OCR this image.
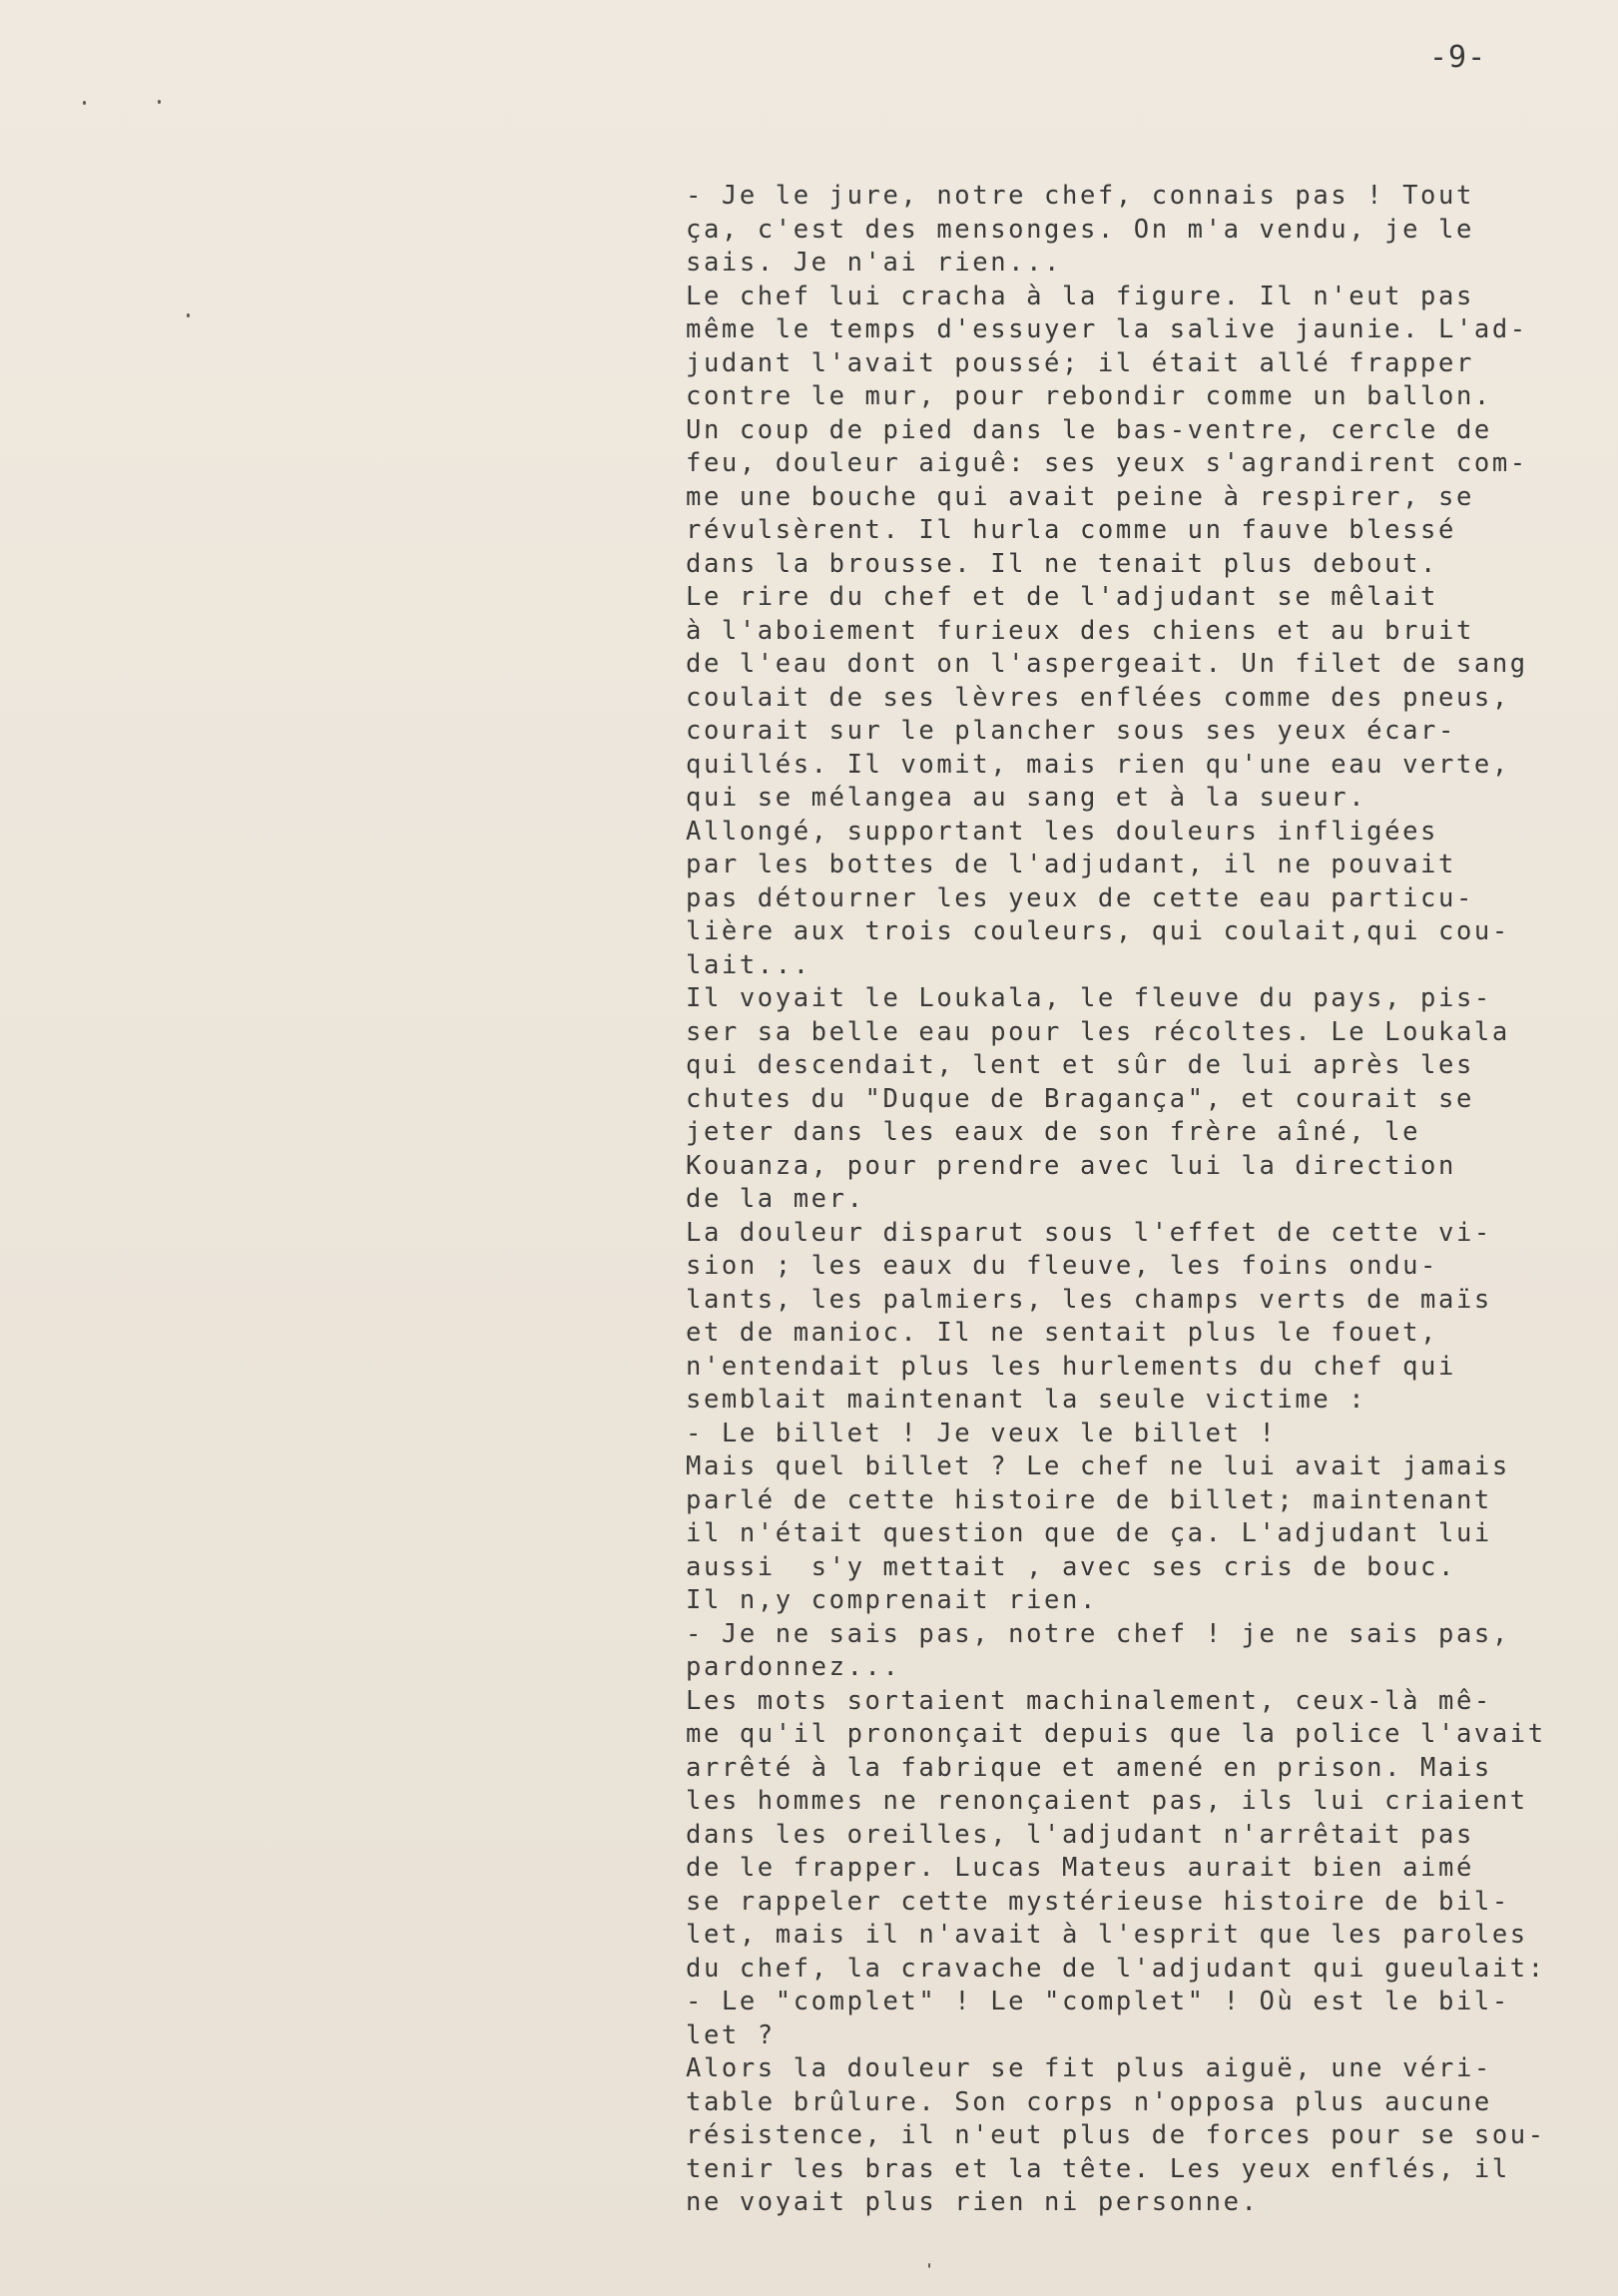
-9-
- Je le jure, notre chef, connais pas ! Tout
ça, c'est des mensonges. On m'a vendu, je le
sais. Je n'ai rien...
Le chef lui cracha à la figure. Il n'eut pas
même le temps d'essuyer la salive jaunie. L'ad-
judant l'avait poussé; il était allé frapper
contre le mur, pour rebondir comme un ballon.
Un coup de pied dans le bas-ventre, cercle de
feu, douleur aiguê: ses yeux s'agrandirent com-
me une bouche qui avait peine à respirer, se
révulsèrent. Il hurla comme un fauve blessé
dans la brousse. Il ne tenait plus debout.
Le rire du chef et de l'adjudant se mêlait
à l'aboiement furieux des chiens et au bruit
de l'eau dont on l'aspergeait. Un filet de sang
coulait de ses lèvres enflées comme des pneus,
courait sur le plancher sous ses yeux écar-
quillés. Il vomit, mais rien qu'une eau verte,
qui se mélangea au sang et à la sueur.
Allongé, supportant les douleurs infligées
par les bottes de l'adjudant, il ne pouvait
pas détourner les yeux de cette eau particu-
lière aux trois couleurs, qui coulait,qui cou-
lait...
Il voyait le Loukala, le fleuve du pays, pis-
ser sa belle eau pour les récoltes. Le Loukala
qui descendait, lent et sûr de lui après les
chutes du "Duque de Bragança", et courait se
jeter dans les eaux de son frère aîné, le
Kouanza, pour prendre avec lui la direction
de la mer.
La douleur disparut sous l'effet de cette vi-
sion ; les eaux du fleuve, les foins ondu-
lants, les palmiers, les champs verts de maïs
et de manioc. Il ne sentait plus le fouet,
n'entendait plus les hurlements du chef qui
semblait maintenant la seule victime :
- Le billet ! Je veux le billet !
Mais quel billet ? Le chef ne lui avait jamais
parlé de cette histoire de billet; maintenant
il n'était question que de ça. L'adjudant lui
aussi  s'y mettait , avec ses cris de bouc.
Il n,y comprenait rien.
- Je ne sais pas, notre chef ! je ne sais pas,
pardonnez...
Les mots sortaient machinalement, ceux-là mê-
me qu'il prononçait depuis que la police l'avait
arrêté à la fabrique et amené en prison. Mais
les hommes ne renonçaient pas, ils lui criaient
dans les oreilles, l'adjudant n'arrêtait pas
de le frapper. Lucas Mateus aurait bien aimé
se rappeler cette mystérieuse histoire de bil-
let, mais il n'avait à l'esprit que les paroles
du chef, la cravache de l'adjudant qui gueulait:
- Le "complet" ! Le "complet" ! Où est le bil-
let ?
Alors la douleur se fit plus aiguë, une véri-
table brûlure. Son corps n'opposa plus aucune
résistence, il n'eut plus de forces pour se sou-
tenir les bras et la tête. Les yeux enflés, il
ne voyait plus rien ni personne.
